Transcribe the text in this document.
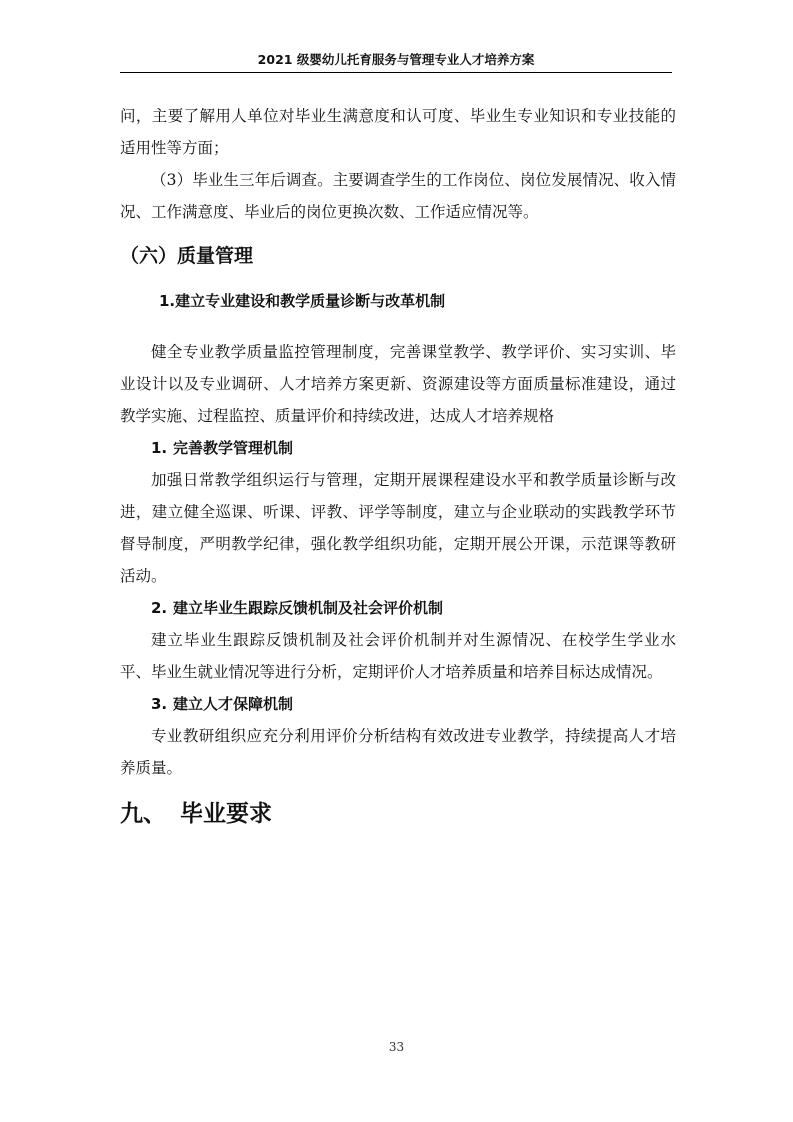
2021 级婴幼儿托育服务与管理专业人才培养方案

问，主要了解用人单位对毕业生满意度和认可度、毕业生专业知识和专业技能的适用性等方面；

（3）毕业生三年后调查。主要调查学生的工作岗位、岗位发展情况、收入情况、工作满意度、毕业后的岗位更换次数、工作适应情况等。

（六）质量管理
1.建立专业建设和教学质量诊断与改革机制

健全专业教学质量监控管理制度，完善课堂教学、教学评价、实习实训、毕业设计以及专业调研、人才培养方案更新、资源建设等方面质量标准建设，通过教学实施、过程监控、质量评价和持续改进，达成人才培养规格

1. 完善教学管理机制

加强日常教学组织运行与管理，定期开展课程建设水平和教学质量诊断与改进，建立健全巡课、听课、评教、评学等制度，建立与企业联动的实践教学环节督导制度，严明教学纪律，强化教学组织功能，定期开展公开课，示范课等教研活动。

2. 建立毕业生跟踪反馈机制及社会评价机制

建立毕业生跟踪反馈机制及社会评价机制并对生源情况、在校学生学业水平、毕业生就业情况等进行分析，定期评价人才培养质量和培养目标达成情况。

3. 建立人才保障机制

专业教研组织应充分利用评价分析结构有效改进专业教学，持续提高人才培养质量。

九、 毕业要求
33
